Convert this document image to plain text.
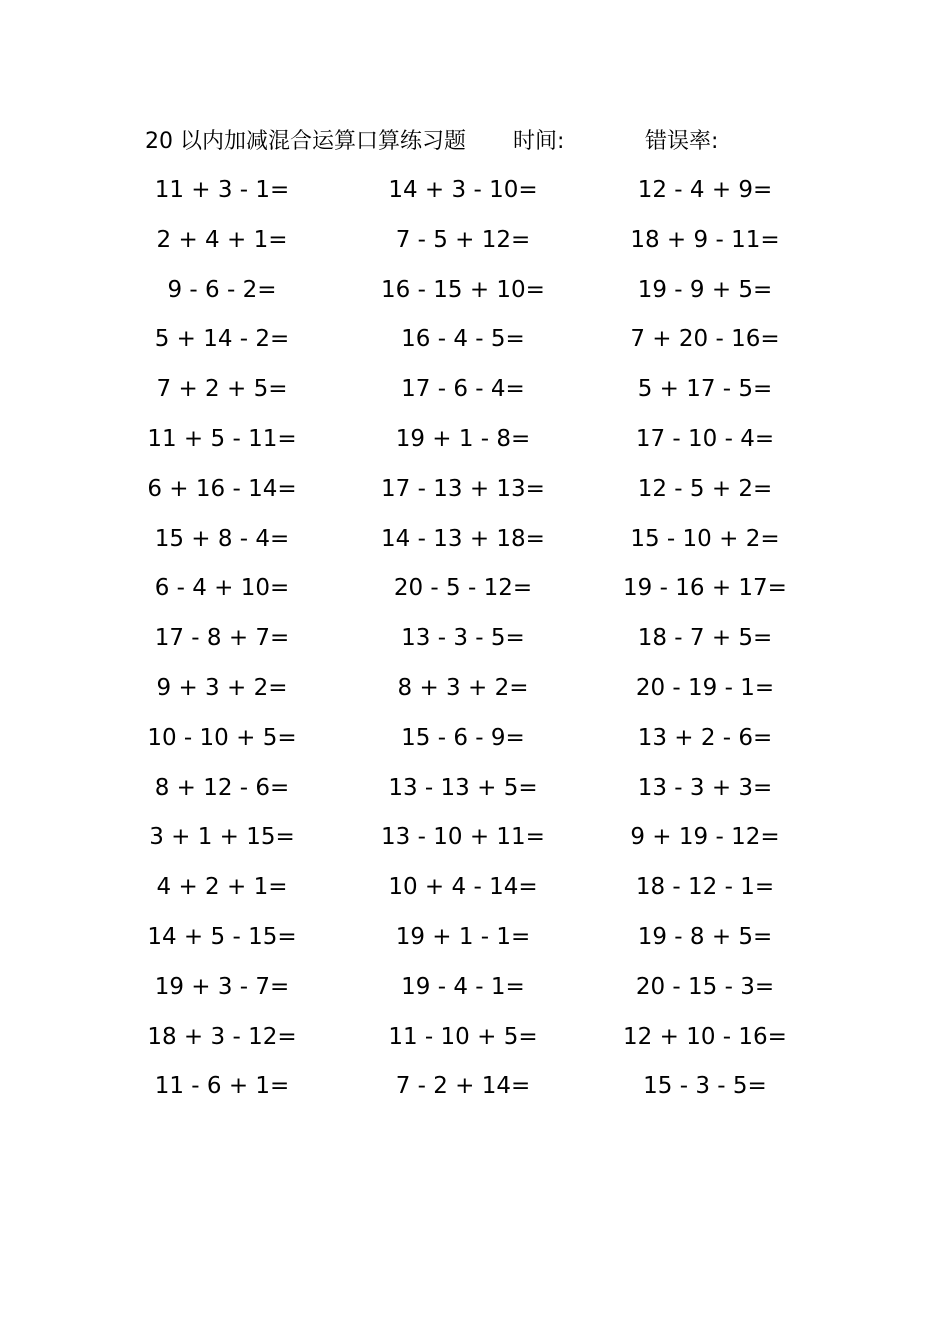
20 以内加减混合运算口算练习题 时间:	错误率:
11 + 3 - 1=	14 + 3 - 10=	12 - 4 + 9=
2 + 4 + 1=	7 - 5 + 12=	18 + 9 - 11=
9 - 6 - 2=	16 - 15 + 10=	19 - 9 + 5=
5 + 14 - 2=	16 - 4 - 5=	7 + 20 - 16=
7 + 2 + 5=	17 - 6 - 4=	5 + 17 - 5=
11 + 5 - 11=	19 + 1 - 8=	17 - 10 - 4=
6 + 16 - 14=	17 - 13 + 13=	12 - 5 + 2=
15 + 8 - 4=	14 - 13 + 18=	15 - 10 + 2=
6 - 4 + 10=	20 - 5 - 12=	19 - 16 + 17=
17 - 8 + 7=	13 - 3 - 5=	18 - 7 + 5=
9 + 3 + 2=	8 + 3 + 2=	20 - 19 - 1=
10 - 10 + 5=	15 - 6 - 9=	13 + 2 - 6=
8 + 12 - 6=	13 - 13 + 5=	13 - 3 + 3=
3 + 1 + 15=	13 - 10 + 11=	9 + 19 - 12=
4 + 2 + 1=	10 + 4 - 14=	18 - 12 - 1=
14 + 5 - 15=	19 + 1 - 1=	19 - 8 + 5=
19 + 3 - 7=	19 - 4 - 1=	20 - 15 - 3=
18 + 3 - 12=	11 - 10 + 5=	12 + 10 - 16=
11 - 6 + 1=	7 - 2 + 14=	15 - 3 - 5=
